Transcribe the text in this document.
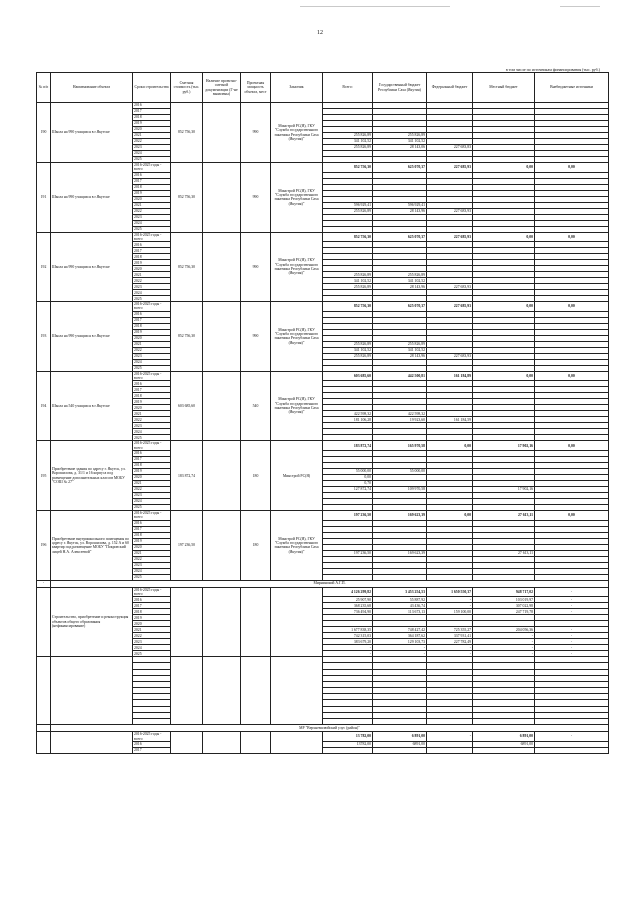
12
в том числе по источникам финансирования (тыс. руб.)
№ п/п	Наименование объекта	Сроки строительства	Сметная стоимость (тыс. руб.)	Наличие проектно-сметной документации (Г-не выявлены)	Проектная мощность объекта, мест	Заказчик	Всего:	Государственный бюджет Республики Саха (Якутия)	Федеральный бюджет	Местный бюджет	Внебюджетные источники
190	Школа на 990 учащихся в г.Якутске	2016	852 756,30		990	Минстрой РС(Я), ГКУ "Служба государственного заказчика Республики Саха (Якутия)"					
		2017									
		2018									
		2019									
		2020									
		2021					255 826,89	255 826,89			
		2022					341 102,52	341 102,52			
		2023					255 826,89	28 143,06	227 683,83		
		2024									
		2025									
191	Школа на 990 учащихся в г.Якутске	2016-2025 годы - всего	852 756,30		990	Минстрой РС(Я), ГКУ "Служба государственного заказчика Республики Саха (Якутия)"	852 756,30	625 070,37	227 685,93	0,00	0,00
		2016									
		2017									
		2018									
		2019									
		2020									
		2021					596 929,41	596 929,41			
		2022					255 826,89	28 143,96	227 683,93		
		2023									
		2024									
		2025									
192	Школа на 990 учащихся в г.Якутске	2016-2025 годы - всего	852 756,30		990	Минстрой РС(Я), ГКУ "Служба государственного заказчика Республики Саха (Якутия)"	852 756,30	625 070,37	227 685,93	0,00	0,00
		2016									
		2017									
		2018									
		2019									
		2020									
		2021					255 826,89	255 826,89			
		2022					341 102,52	341 102,52			
		2023					255 826,89	28 143,96	227 683,93		
		2024									
		2025									
193	Школа на 990 учащихся в г.Якутске	2016-2025 годы - всего	852 756,30		990	Минстрой РС(Я), ГКУ "Служба государственного заказчика Республики Саха (Якутия)"	852 756,30	625 070,37	227 685,93	0,00	0,00
		2016									
		2017									
		2018									
		2019									
		2020									
		2021					255 826,89	255 826,89			
		2022					341 102,52	341 102,52			
		2023					255 826,89	28 143,96	227 683,93		
		2024									
		2025									
194	Школа на 540 учащихся в г.Якутске	2016-2025 годы - всего	603 685,60		540	Минстрой РС(Я), ГКУ "Служба государственного заказчика Республики Саха (Якутия)"	603 685,60	442 500,81	161 184,89	0,00	0,00
		2016									
		2017									
		2018									
		2019									
		2020									
		2021					422 598,32	422 598,32			
		2022					181 106,28	19 923,60	161 184,59		
		2023									
		2024									
		2025									
195	Приобретение здания по адресу г. Якутск, ул. Ворошилова, д. 31/1 и 16 корпуса под размещение дополнительных классов МОБУ "СОШ № 27"	2016-2025 годы - всего	183 872,74		180	Минстрой РС(Я)	183 872,74	165 970,58	0,00	17 902,16	0,00
		2016									
		2017									
		2018									
		2019					55 000,00	55 000,00			
		2020					0,00				
		2021					0,70				
		2022					127 872,74	109 970,58		17 902,16	
		2023									
		2024									
		2025									
196	Приобретение внутришкольного помещения по адресу г. Якутск, ул. Ворошилова, д. 152 А и 60 квартир под размещение МОБУ "Покровский лицей Н.А. Алексеевой"	2016-2025 годы - всего	197 236,50		180	Минстрой РС(Я), ГКУ "Служба государственного заказчика Республики Саха (Якутия)"	197 236,50	169 623,39	0,00	27 613,11	0,00
		2016									
		2017									
		2018									
		2019									
		2020									
		2021					197 236,50	169 623,39		27 613,11	
		2022									
		2023									
		2024									
		2025									
-	Мирнинский А.Г.П.										
	Строительство, приобретение и реконструкция объектов общего образования (нефинансирование)	2016-2025 годы - всего					4 126 299,82	3 453 254,53	1 650 550,37	948 717,02	-
		2016					25 907,90	55 887,92	-	103 019,97	-
		2017					368 235,68	43 436,74	-	307 022,98	-
		2018					736 494,90	113 673,13	159 100,00	247 719,78	-
		2019									
		2020									
		2021					1 677 838,35	748 427,42	725 355,27	204 056,36	-
		2022					742 315,03	364 187,62	337 931,41	-	-
		2023					383 679,20	129 103,73	227 782,49	-	-
		2024					-	-	-	-	-
		2025					-	-	-	-	-

	МР "Верхневилюйский улус (район)"										
		2016-2025 годы - всего					13 782,00	6 891,00	-	6 891,00	-
		2016					13782,00	6891,00		6891,00	
		2017									
